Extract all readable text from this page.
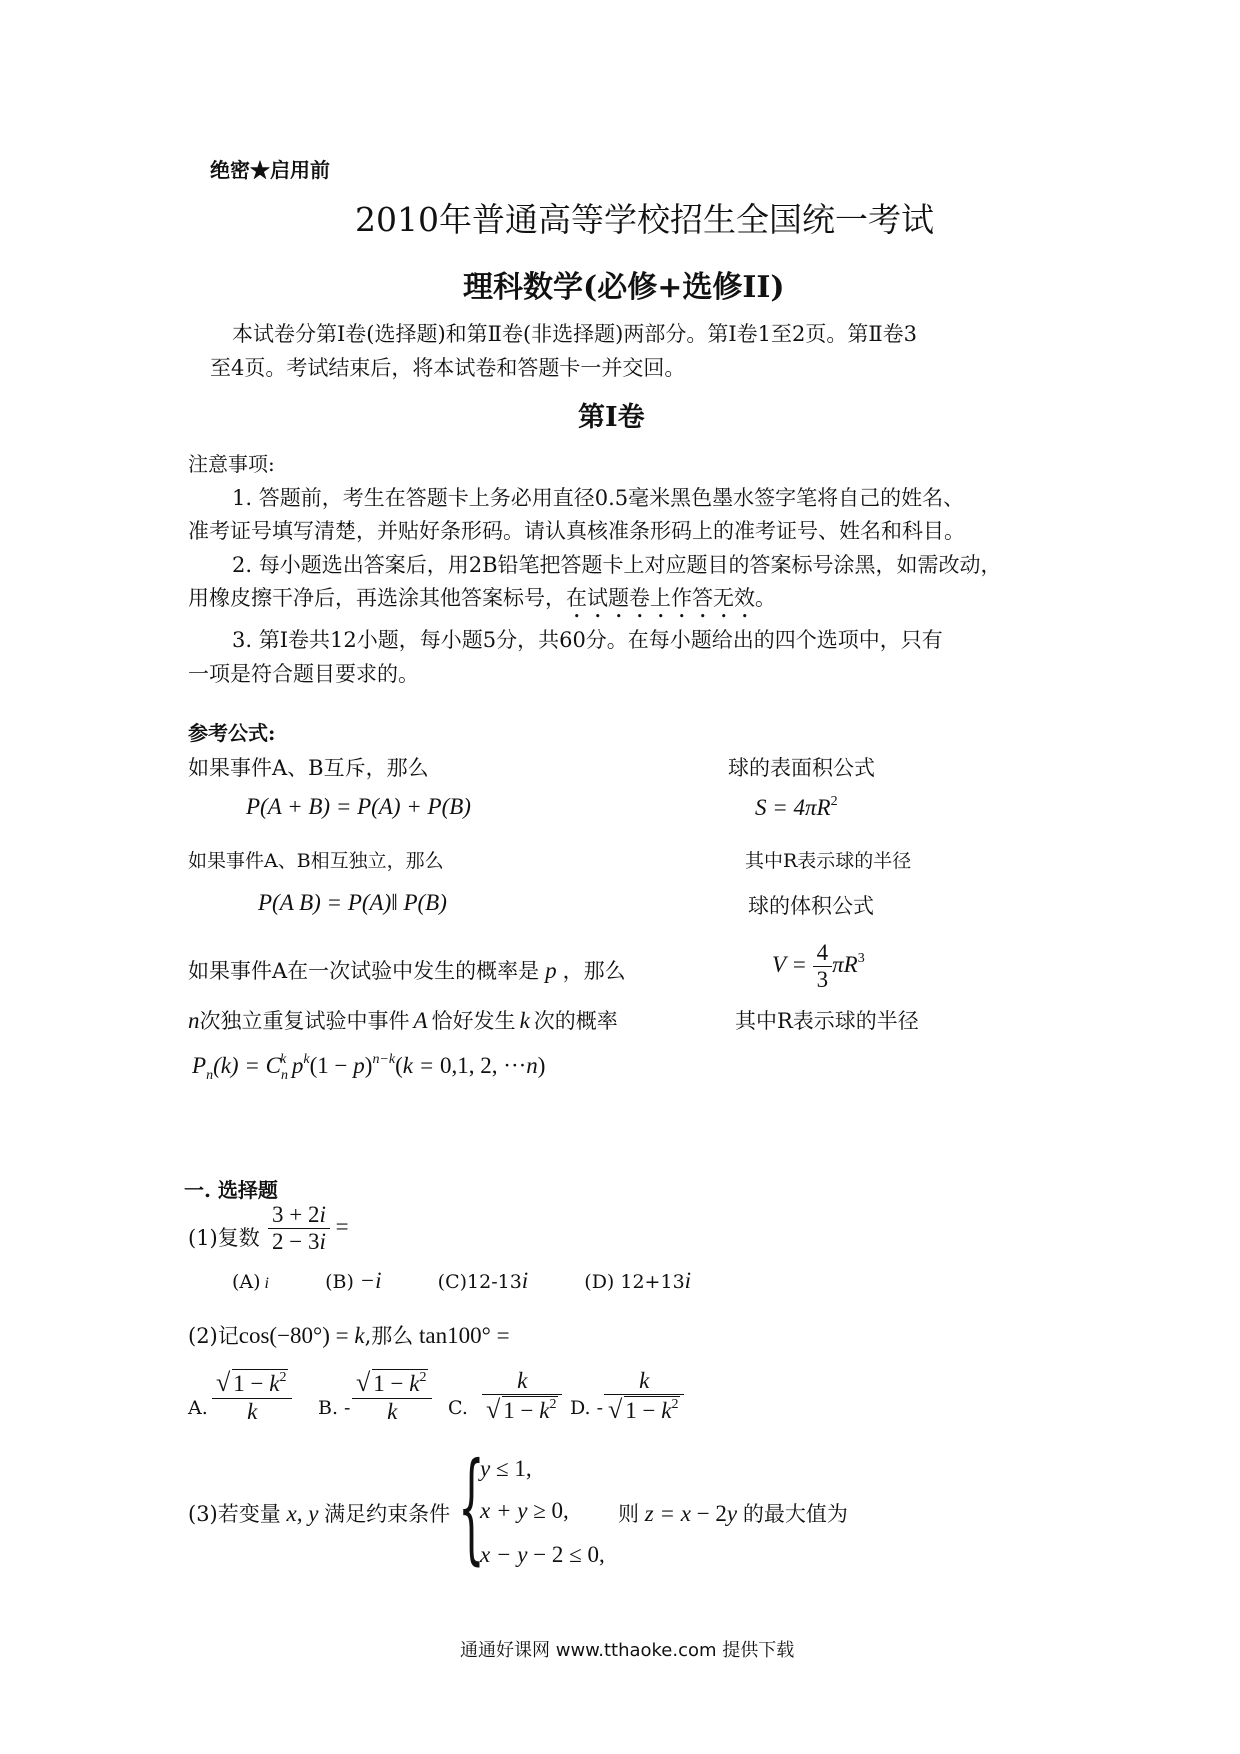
绝密★启用前
2010年普通高等学校招生全国统一考试
理科数学(必修+选修II)
本试卷分第Ⅰ卷(选择题)和第Ⅱ卷(非选择题)两部分。第Ⅰ卷1至2页。第Ⅱ卷3
至4页。考试结束后，将本试卷和答题卡一并交回。
第Ⅰ卷
注意事项:
1. 答题前，考生在答题卡上务必用直径0.5毫米黑色墨水签字笔将自己的姓名、
准考证号填写清楚，并贴好条形码。请认真核准条形码上的准考证号、姓名和科目。
2. 每小题选出答案后，用2B铅笔把答题卡上对应题目的答案标号涂黑，如需改动，
用橡皮擦干净后，再选涂其他答案标号，在试题卷上作答无效。
3. 第Ⅰ卷共12小题，每小题5分，共60分。在每小题给出的四个选项中，只有
一项是符合题目要求的。
参考公式:
如果事件A、B互斥，那么	球的表面积公式
P(A + B) = P(A) + P(B)	$S = 4\pi R^2$
如果事件A、B相互独立，那么	其中R表示球的半径
P(A B) = P(A)‖ P(B)	球的体积公式
如果事件A在一次试验中发生的概率是 p ，那么	$V = \frac{4}{3} \pi R^3$
n次独立重复试验中事件 A 恰好发生 k 次的概率	其中R表示球的半径
$P_n(k) = C_n^k$ $p^k(1 - p)^{n-k}(k = 0,1$, 2, ···n)
一. 选择题
(1)复数 $\frac{3 + 2i}{2 - 3i}$ =
(A) i	(B) −i	(C)12-13i	(D) 12+13i
(2)记cos(−80°) = k,那么 tan100° =
A. $\frac{√ 1 - k^2}{k} B$. - $\frac{√ 1 - k^2}{k} C$. $\frac{k}{√ 1 - k^2} D$. - $\frac{k}{√ 1 - k^2}$
(3)若变量 x, y 满足约束条件 {
y ≤ 1,
x + y ≥ 0,
x − y − 2 ≤ 0,
则 z = x − 2y 的最大值为
通通好课网 www.tthaoke.com 提供下载
